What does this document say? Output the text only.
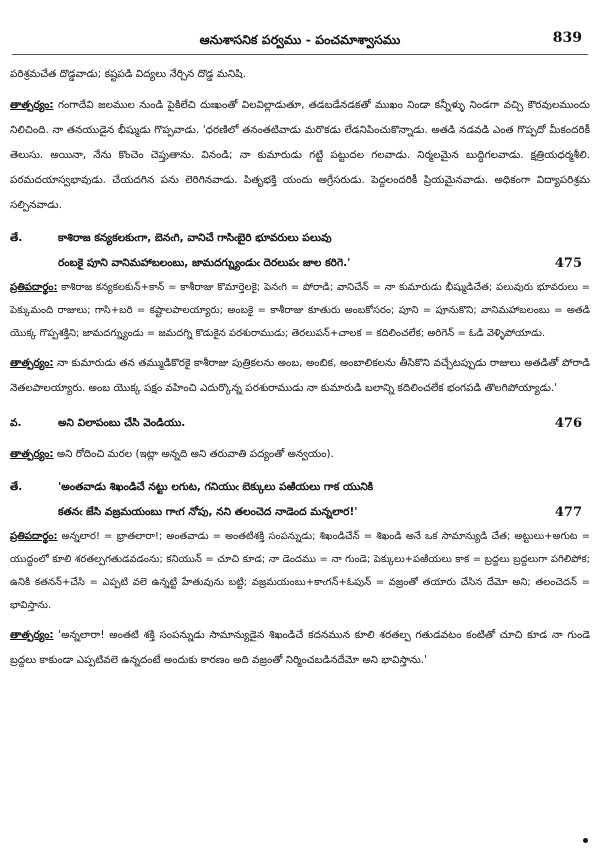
ఆనుశాసనిక పర్వము - పంచమాశ్వాసము	839

పరిశ్రమచేత దొడ్డవాడు; కష్టపడి విద్యలు నేర్చిన దొడ్డ మనిషి.

తాత్పర్యం: గంగాదేవి జలముల నుండి పైకిలేచి దుఃఖంతో విలవిల్లాడుతూ, తడబడేనడకతో ముఖం నిండా కన్నీళ్ళు నిండగా వచ్చి కౌరవులముందు నిలిచింది. నా తనయుడైన భీష్ముడు గొప్పవాడు. 'ధరణిలో తనంతటివాడు మరొకడు లేడనిపించుకొన్నాడు. అతడి నడవడి ఎంత గొప్పదో మీకందరికీ తెలుసు. అయినా, నేను కొంచెం చెప్తుతాను. వినండి; నా కుమారుడు గట్టి పట్టుదల గలవాడు. నిర్మలమైన బుద్ధిగలవాడు. క్షత్రియధర్మశీలి. పరమదయాస్వభావుడు. చేయదగిన పను లెరిగినవాడు. పితృభక్తి యందు అగ్రేసరుడు. పెద్దలందరికీ ప్రియమైనవాడు. అధికంగా విద్యాపరిశ్రమ సల్పినవాడు.

తే.	కాశిరాజ కన్యకలకుఁగా, బెనఁగి, వానిచే గాసిఁబైరి భూవరులు పలువు
రంబకై పూని వానిమహాబలంబు, జామదగ్న్యుండుఁ దెరలుపఁ జాల కరిగె.'	475

ప్రతిపదార్థం: కాశిరాజ కన్యకలకున్+కాన్ = కాశీరాజు కొమార్తెలకై; పెనఁగి = పోరాడి; వానిచేన్ = నా కుమారుడు భీష్ముడిచేత; పలువురు భూవరులు = పెక్కుమంది రాజులు; గాసి+బరి = కష్టాలపాలయ్యారు; అంబకై = కాశీరాజు కూతురు అంబకోసరం; పూని = పూనుకొని; వానిమహాబలంబు = అతడి యొక్క గొప్పశక్తిని; జామదగ్న్యుండు = జమదగ్ని కొడుకైన పరశురాముడు; తెరలుపన్+చాలక = కదిలించలేక; అరిగెన్ = ఓడి వెళ్ళిపోయాడు.

తాత్పర్యం: నా కుమారుడు తన తమ్ముడికొరకై కాశీరాజు పుత్రికలను అంబ, అంబిక, అంబాలికలను తీసికొని వచ్చేటప్పుడు రాజులు అతడితో పోరాడి నెతలపాలయ్యారు. అంబ యొక్క పక్షం వహించి ఎదుర్కొన్న పరశురాముడు నా కుమారుడి బలాన్ని కదిలించలేక భంగపడి తొలగిపోయ్యాడు.'

వ.	అని విలాపంబు చేసి వెండియు.	476

తాత్పర్యం: అని రోదించి మరల (ఇట్లా అన్నది అని తరువాతి పద్యంతో అన్వయం).

తే.	'అంతవాడు శిఖండిచే నట్టు లగుట, గనియుఁ బెక్కులు పఱియలు గాక యునికి
కతనఁ జేసి వజ్రమయంబు గాఁగ నోపు, నని తలంచెద నాడెంద మన్నలార!'	477

ప్రతిపదార్థం: అన్నలార! = భ్రాతలారా!; అంతవాడు = అంతటిశక్తి సంపన్నుడు; శిఖండిచేన్ = శిఖండి అనే ఒక సామాన్యుడి చేత; అట్టులు+అగుట = యుద్ధంలో కూలి శరతల్పగతుడవడంను; కనియున్ = చూచి కూడ; నా డెందము = నా గుండె; పెక్కులు+పఱియలు కాక = బ్రద్దలు బ్రద్దలుగా పగిలిపోక; ఉనికి కతనన్+చేసి = ఎప్పటి వలె ఉన్నట్టి హేతువును బట్టి; వజ్రమయంబు+కాఁగన్+ఓపున్ = వజ్రంతో తయారు చేసిన దేమో అని; తలంచెదన్ = భావిస్తాను.

తాత్పర్యం: 'అన్నలారా! అంతటి శక్తి సంపన్నుడు సామాన్యుడైన శిఖండిచే కదనమున కూలి శరతల్ప గతుడవటం కంటితో చూచి కూడ నా గుండె బ్రద్దలు కాకుండా ఎప్పటివలె ఉన్నదంటే అందుకు కారణం అది వజ్రంతో నిర్మించబడినదేమో అని భావిస్తాను.'
